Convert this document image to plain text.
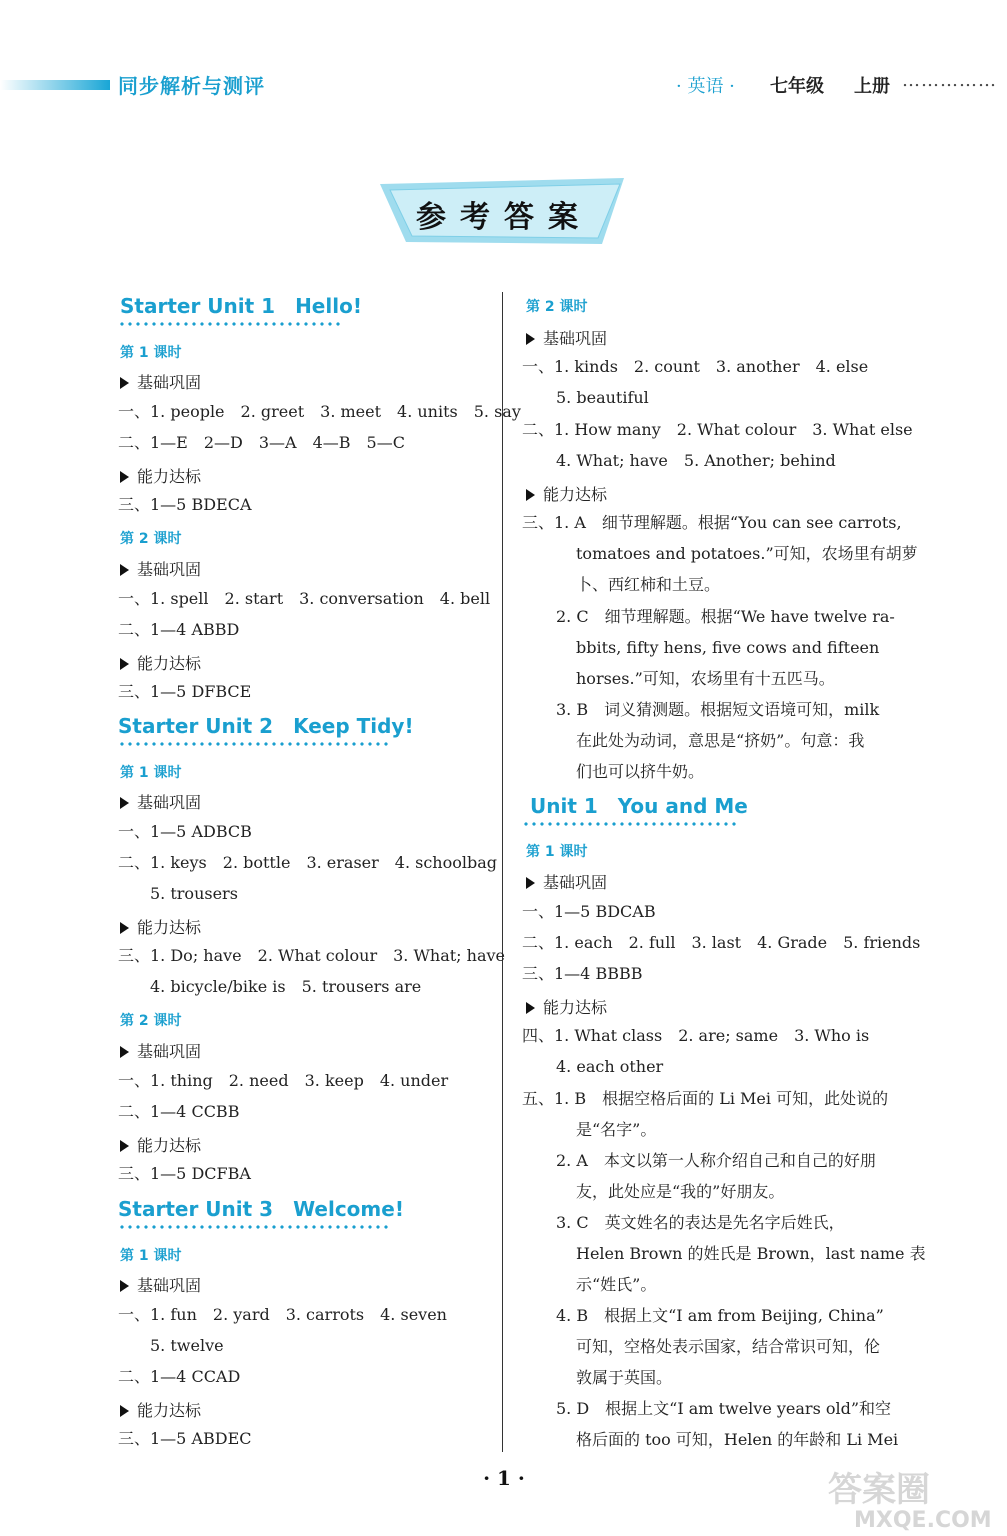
同步解析与测评	· 英语 · 七年级 上册 ……………
参考答案
Starter Unit 1 Hello!
第 1 课时
基础巩固
一、1. people　2. greet　3. meet　4. units　5. say
二、1—E　2—D　3—A　4—B　5—C
能力达标
三、1—5 BDECA
第 2 课时
基础巩固
一、1. spell　2. start　3. conversation　4. bell
二、1—4 ABBD
能力达标
三、1—5 DFBCE
Starter Unit 2 Keep Tidy!
第 1 课时
基础巩固
一、1—5 ADBCB
二、1. keys　2. bottle　3. eraser　4. schoolbag
5. trousers
能力达标
三、1. Do; have　2. What colour　3. What; have
4. bicycle/bike is　5. trousers are
第 2 课时
基础巩固
一、1. thing　2. need　3. keep　4. under
二、1—4 CCBB
能力达标
三、1—5 DCFBA
Starter Unit 3 Welcome!
第 1 课时
基础巩固
一、1. fun　2. yard　3. carrots　4. seven
5. twelve
二、1—4 CCAD
能力达标
三、1—5 ABDEC
第 2 课时
基础巩固
一、1. kinds　2. count　3. another　4. else
5. beautiful
二、1. How many　2. What colour　3. What else
4. What; have　5. Another; behind
能力达标
三、1. A　细节理解题。根据“You can see carrots,
tomatoes and potatoes.”可知，农场里有胡萝
卜、西红柿和土豆。
2. C　细节理解题。根据“We have twelve ra-
bbits, fifty hens, five cows and fifteen
horses.”可知，农场里有十五匹马。
3. B　词义猜测题。根据短文语境可知，milk
在此处为动词，意思是“挤奶”。句意：我
们也可以挤牛奶。
Unit 1 You and Me
第 1 课时
基础巩固
一、1—5 BDCAB
二、1. each　2. full　3. last　4. Grade　5. friends
三、1—4 BBBB
能力达标
四、1. What class　2. are; same　3. Who is
4. each other
五、1. B　根据空格后面的 Li Mei 可知，此处说的
是“名字”。
2. A　本文以第一人称介绍自己和自己的好朋
友，此处应是“我的”好朋友。
3. C　英文姓名的表达是先名字后姓氏，
Helen Brown 的姓氏是 Brown，last name 表
示“姓氏”。
4. B　根据上文“I am from Beijing, China”
可知，空格处表示国家，结合常识可知，伦
敦属于英国。
5. D　根据上文“I am twelve years old”和空
格后面的 too 可知，Helen 的年龄和 Li Mei
· 1 ·	答案圈
MXQE.COM
